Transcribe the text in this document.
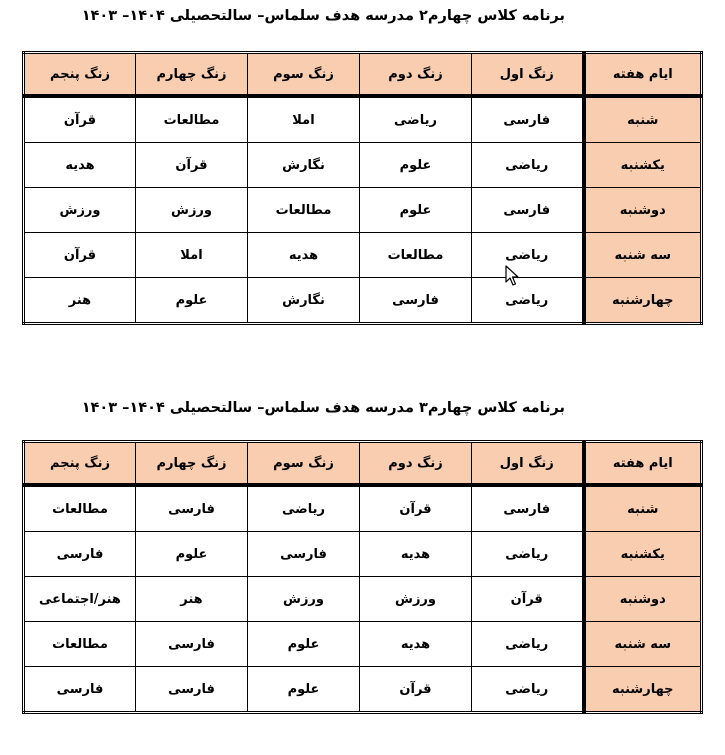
برنامه کلاس چهارم۲ مدرسه هدف سلماس– سالتحصیلی ۱۴۰۴– ۱۴۰۳
ایام هفته	زنگ اول	زنگ دوم	زنگ سوم	زنگ چهارم	زنگ پنجم
شنبه	فارسی	ریاضی	املا	مطالعات	قرآن
یکشنبه	ریاضی	علوم	نگارش	قرآن	هدیه
دوشنبه	فارسی	علوم	مطالعات	ورزش	ورزش
سه شنبه	ریاضی	مطالعات	هدیه	املا	قرآن
چهارشنبه	ریاضی	فارسی	نگارش	علوم	هنر
برنامه کلاس چهارم۳ مدرسه هدف سلماس– سالتحصیلی ۱۴۰۴– ۱۴۰۳
ایام هفته	زنگ اول	زنگ دوم	زنگ سوم	زنگ چهارم	زنگ پنجم
شنبه	فارسی	قرآن	ریاضی	فارسی	مطالعات
یکشنبه	ریاضی	هدیه	فارسی	علوم	فارسی
دوشنبه	قرآن	ورزش	ورزش	هنر	هنر/اجتماعی
سه شنبه	ریاضی	هدیه	علوم	فارسی	مطالعات
چهارشنبه	ریاضی	قرآن	علوم	فارسی	فارسی
